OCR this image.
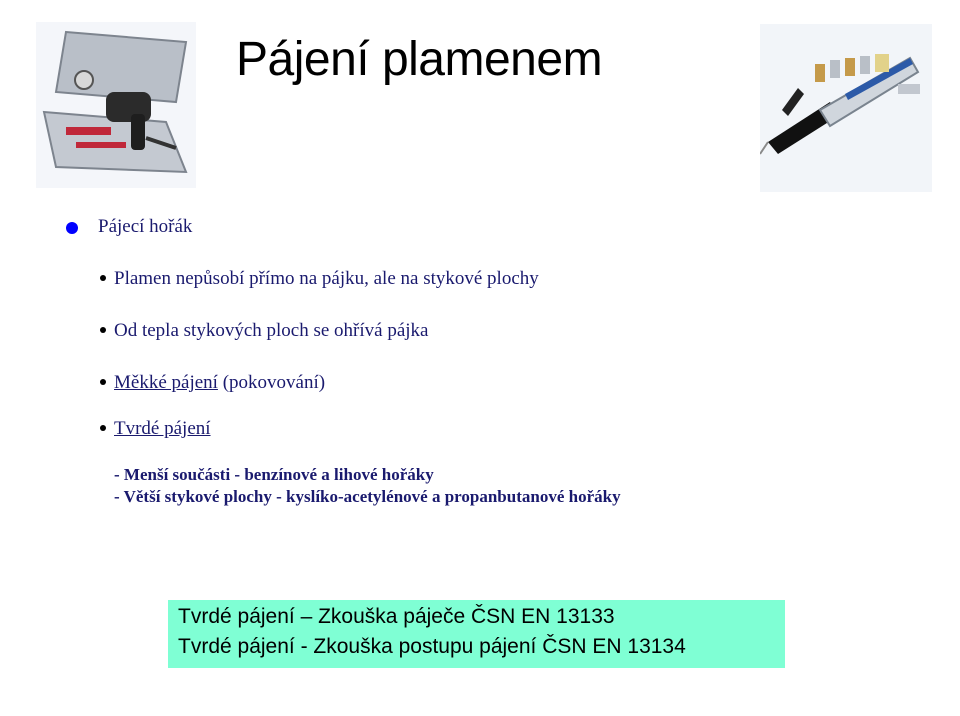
Pájení plamenem
Pájecí hořák
Plamen nepůsobí přímo na pájku, ale na stykové plochy
Od tepla stykových ploch se ohřívá pájka
Měkké pájení (pokovování)
Tvrdé pájení
- Menší součásti - benzínové a lihové hořáky
- Větší stykové plochy - kyslíko-acetylénové a propanbutanové hořáky
Tvrdé pájení – Zkouška páječe ČSN EN 13133
Tvrdé pájení - Zkouška postupu pájení ČSN EN 13134
